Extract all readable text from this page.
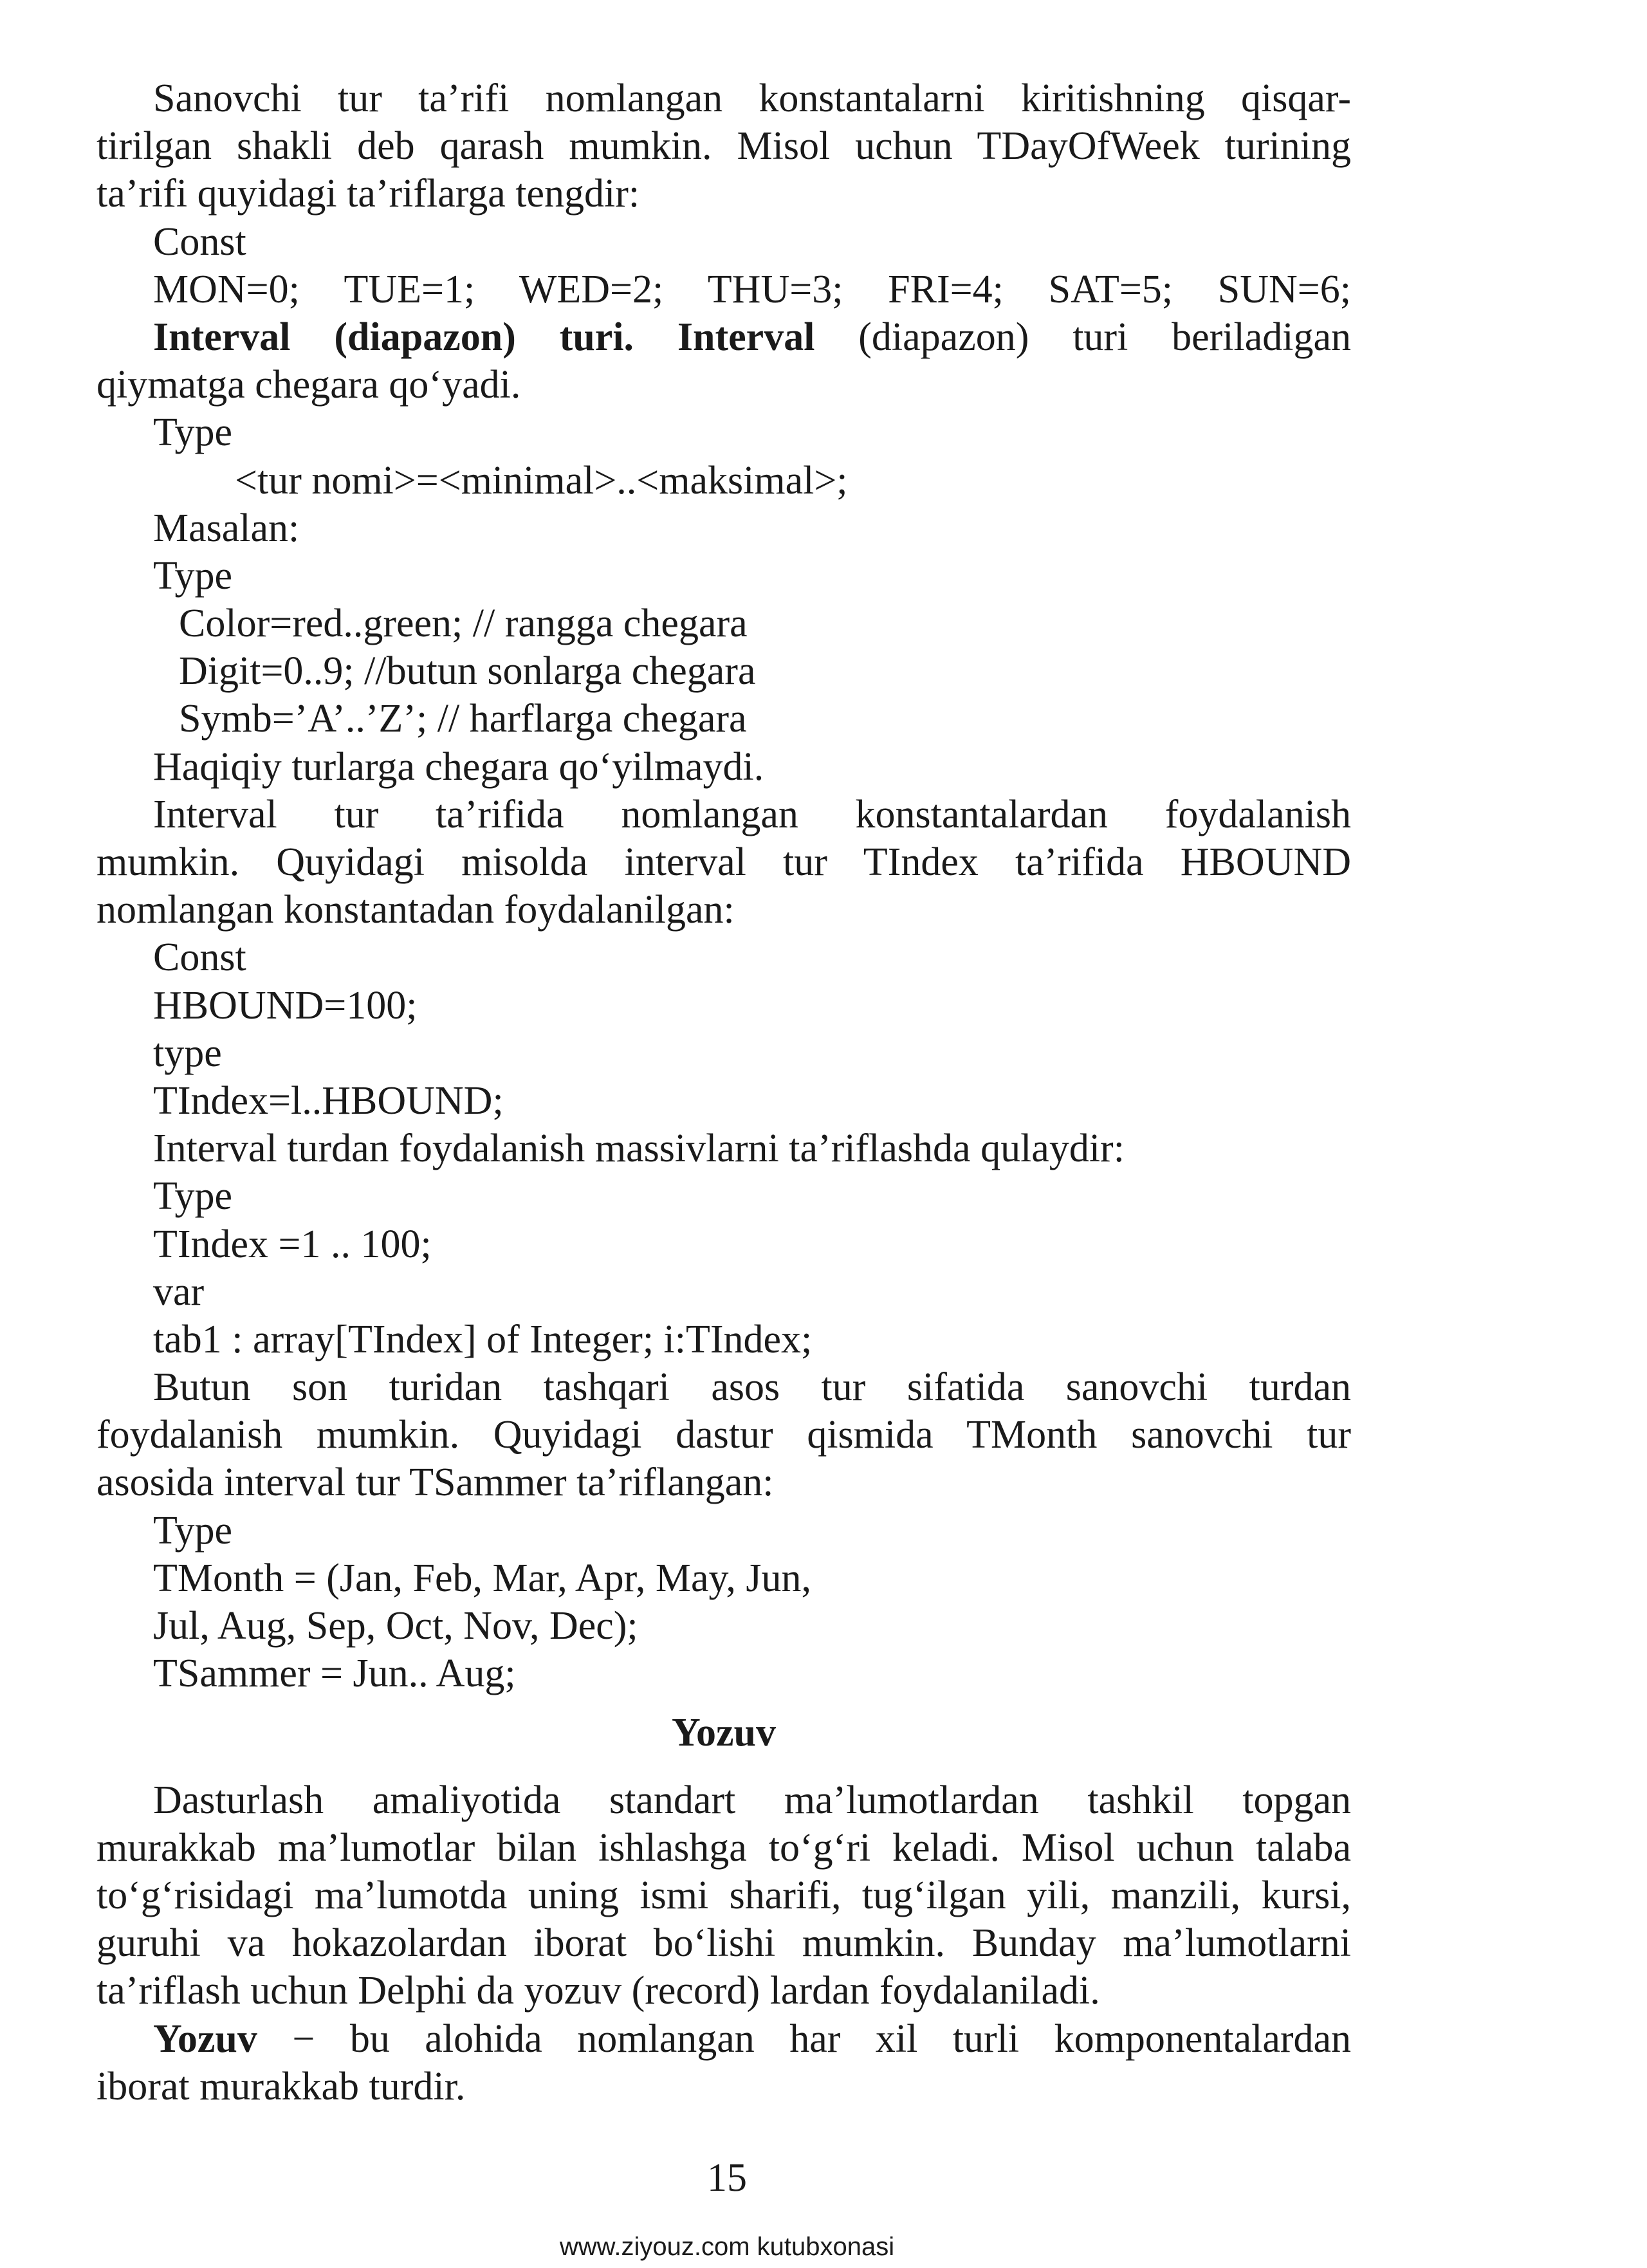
Sanovchi tur ta’rifi nomlangan konstantalarni kiritishning qisqar-
tirilgan shakli deb qarash mumkin. Misol uchun TDayOfWeek turining
ta’rifi quyidagi ta’riflarga tengdir:
Const
MON=0; TUE=1; WED=2; THU=3; FRI=4; SAT=5; SUN=6;
Interval (diapazon) turi. Interval (diapazon) turi beriladigan
qiymatga chegara qo‘yadi.
Type
<tur nomi>=<minimal>..<maksimal>;
Masalan:
Type
Color=red..green; // rangga chegara
Digit=0..9; //butun sonlarga chegara
Symb=’A’..’Z’; // harflarga chegara
Haqiqiy turlarga chegara qo‘yilmaydi.
Interval tur ta’rifida nomlangan konstantalardan foydalanish
mumkin. Quyidagi misolda interval tur TIndex ta’rifida HBOUND
nomlangan konstantadan foydalanilgan:
Const
HBOUND=100;
type
TIndex=l..HBOUND;
Interval turdan foydalanish massivlarni ta’riflashda qulaydir:
Type
TIndex =1 .. 100;
var
tab1 : array[TIndex] of Integer; i:TIndex;
Butun son turidan tashqari asos tur sifatida sanovchi turdan
foydalanish mumkin. Quyidagi dastur qismida TMonth sanovchi tur
asosida interval tur TSammer ta’riflangan:
Type
TMonth = (Jan, Feb, Mar, Apr, May, Jun,
Jul, Aug, Sep, Oct, Nov, Dec);
TSammer = Jun.. Aug;
Yozuv
Dasturlash amaliyotida standart ma’lumotlardan tashkil topgan
murakkab ma’lumotlar bilan ishlashga to‘g‘ri keladi. Misol uchun talaba
to‘g‘risidagi ma’lumotda uning ismi sharifi, tug‘ilgan yili, manzili, kursi,
guruhi va hokazolardan iborat bo‘lishi mumkin. Bunday ma’lumotlarni
ta’riflash uchun Delphi da yozuv (record) lardan foydalaniladi.
Yozuv − bu alohida nomlangan har xil turli komponentalardan
iborat murakkab turdir.
15
www.ziyouz.com kutubxonasi
